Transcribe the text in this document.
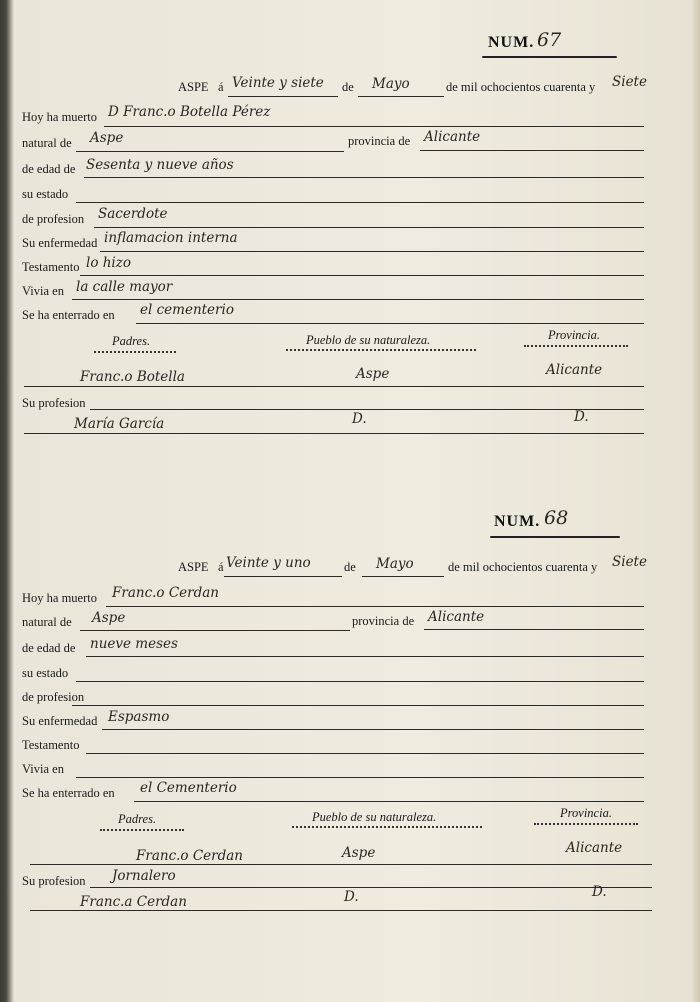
NUM. 67
ASPE á Veinte y siete de Mayo	de mil ochocientos cuarenta y Siete
Hoy ha muerto D Franc.o Botella Pérez
natural de Aspe	provincia de Alicante
de edad de Sesenta y nueve años
su estado
de profesion Sacerdote
Su enfermedad inflamacion interna
Testamento lo hizo
Vivia en la calle mayor
Se ha enterrado en el cementerio
Padres.	Pueblo de su naturaleza.	Provincia.
Franc.o Botella	Aspe	Alicante
Su profesion
María García	D.	D.
NUM. 68
ASPE á Veinte y uno	de Mayo	de mil ochocientos cuarenta y Siete
Hoy ha muerto Franc.o Cerdan
natural de Aspe	provincia de Alicante
de edad de nueve meses
su estado
de profesion
Su enfermedad Espasmo
Testamento
Vivia en
Se ha enterrado en el Cementerio
Padres.	Pueblo de su naturaleza.	Provincia.
Franc.o Cerdan	Aspe	Alicante
Su profesion Jornalero
Franc.a Cerdan	D.	D.
